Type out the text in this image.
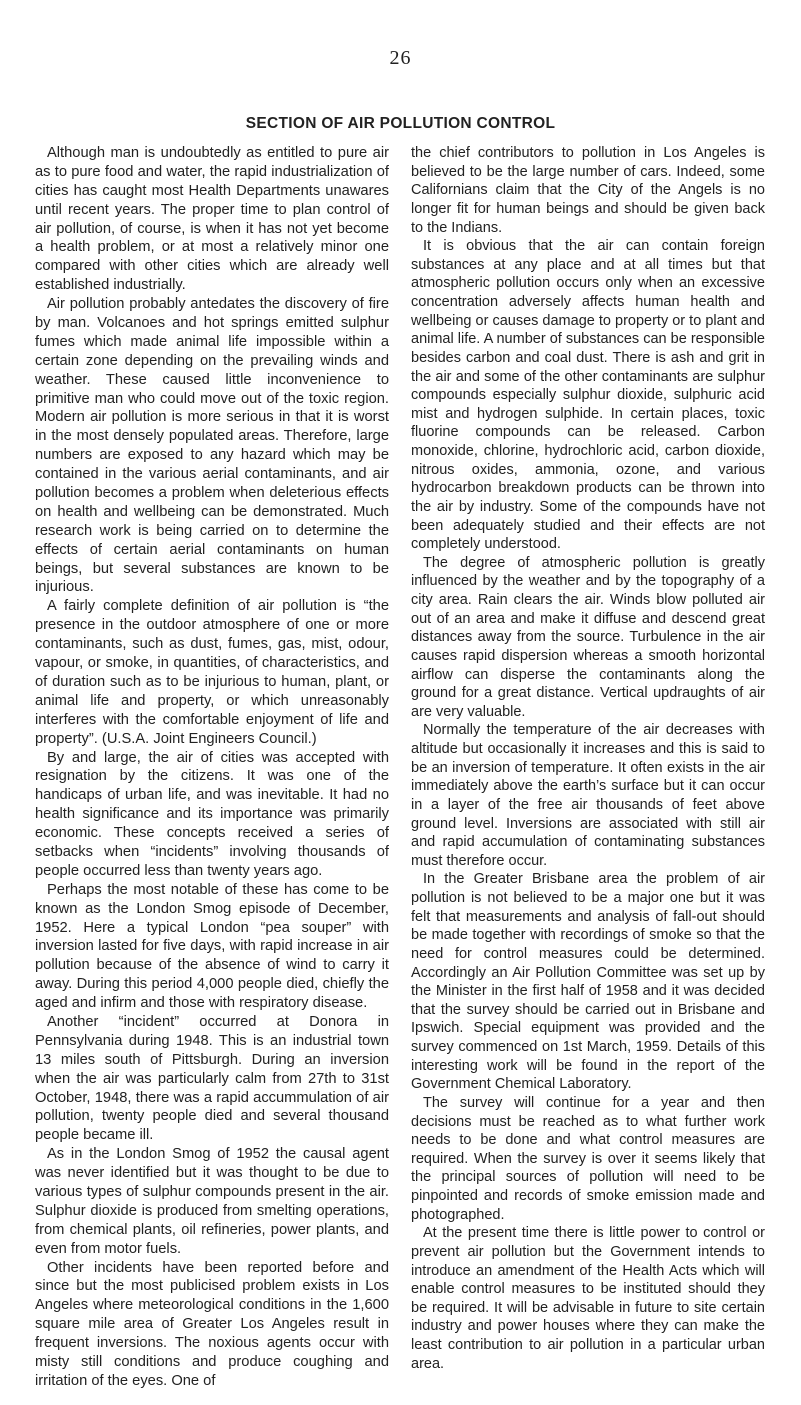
26
SECTION OF AIR POLLUTION CONTROL

Although man is undoubtedly as entitled to pure air as to pure food and water, the rapid industrialization of cities has caught most Health Departments unawares until recent years. The proper time to plan control of air pollution, of course, is when it has not yet become a health problem, or at most a relatively minor one compared with other cities which are already well established industrially.

Air pollution probably antedates the discovery of fire by man. Volcanoes and hot springs emitted sulphur fumes which made animal life impossible within a certain zone depending on the prevailing winds and weather. These caused little inconvenience to primitive man who could move out of the toxic region. Modern air pollution is more serious in that it is worst in the most densely populated areas. Therefore, large numbers are exposed to any hazard which may be contained in the various aerial contaminants, and air pollution becomes a problem when deleterious effects on health and wellbeing can be demonstrated. Much research work is being carried on to determine the effects of certain aerial contaminants on human beings, but several substances are known to be injurious.

A fairly complete definition of air pollution is “the presence in the outdoor atmosphere of one or more contaminants, such as dust, fumes, gas, mist, odour, vapour, or smoke, in quantities, of characteristics, and of duration such as to be injurious to human, plant, or animal life and property, or which unreasonably interferes with the comfortable enjoyment of life and property”. (U.S.A. Joint Engineers Council.)

By and large, the air of cities was accepted with resignation by the citizens. It was one of the handicaps of urban life, and was inevitable. It had no health significance and its importance was primarily economic. These concepts received a series of setbacks when “incidents” involving thousands of people occurred less than twenty years ago.

Perhaps the most notable of these has come to be known as the London Smog episode of December, 1952. Here a typical London “pea souper” with inversion lasted for five days, with rapid increase in air pollution because of the absence of wind to carry it away. During this period 4,000 people died, chiefly the aged and infirm and those with respiratory disease.

Another “incident” occurred at Donora in Pennsylvania during 1948. This is an industrial town 13 miles south of Pittsburgh. During an inversion when the air was particularly calm from 27th to 31st October, 1948, there was a rapid accummulation of air pollution, twenty people died and several thousand people became ill.

As in the London Smog of 1952 the causal agent was never identified but it was thought to be due to various types of sulphur compounds present in the air. Sulphur dioxide is produced from smelting operations, from chemical plants, oil refineries, power plants, and even from motor fuels.

Other incidents have been reported before and since but the most publicised problem exists in Los Angeles where meteorological conditions in the 1,600 square mile area of Greater Los Angeles result in frequent inversions. The noxious agents occur with misty still conditions and produce coughing and irritation of the eyes. One of

the chief contributors to pollution in Los Angeles is believed to be the large number of cars. Indeed, some Californians claim that the City of the Angels is no longer fit for human beings and should be given back to the Indians.

It is obvious that the air can contain foreign substances at any place and at all times but that atmospheric pollution occurs only when an excessive concentration adversely affects human health and wellbeing or causes damage to property or to plant and animal life. A number of substances can be responsible besides carbon and coal dust. There is ash and grit in the air and some of the other contaminants are sulphur compounds especially sulphur dioxide, sulphuric acid mist and hydrogen sulphide. In certain places, toxic fluorine compounds can be released. Carbon monoxide, chlorine, hydrochloric acid, carbon dioxide, nitrous oxides, ammonia, ozone, and various hydrocarbon breakdown products can be thrown into the air by industry. Some of the compounds have not been adequately studied and their effects are not completely understood.

The degree of atmospheric pollution is greatly influenced by the weather and by the topography of a city area. Rain clears the air. Winds blow polluted air out of an area and make it diffuse and descend great distances away from the source. Turbulence in the air causes rapid dispersion whereas a smooth horizontal airflow can disperse the contaminants along the ground for a great distance. Vertical updraughts of air are very valuable.

Normally the temperature of the air decreases with altitude but occasionally it increases and this is said to be an inversion of temperature. It often exists in the air immediately above the earth’s surface but it can occur in a layer of the free air thousands of feet above ground level. Inversions are associated with still air and rapid accumulation of contaminating substances must therefore occur.

In the Greater Brisbane area the problem of air pollution is not believed to be a major one but it was felt that measurements and analysis of fall-out should be made together with recordings of smoke so that the need for control measures could be determined. Accordingly an Air Pollution Committee was set up by the Minister in the first half of 1958 and it was decided that the survey should be carried out in Brisbane and Ipswich. Special equipment was provided and the survey commenced on 1st March, 1959. Details of this interesting work will be found in the report of the Government Chemical Laboratory.

The survey will continue for a year and then decisions must be reached as to what further work needs to be done and what control measures are required. When the survey is over it seems likely that the principal sources of pollution will need to be pinpointed and records of smoke emission made and photographed.

At the present time there is little power to control or prevent air pollution but the Government intends to introduce an amendment of the Health Acts which will enable control measures to be instituted should they be required. It will be advisable in future to site certain industry and power houses where they can make the least contribution to air pollution in a particular urban area.
